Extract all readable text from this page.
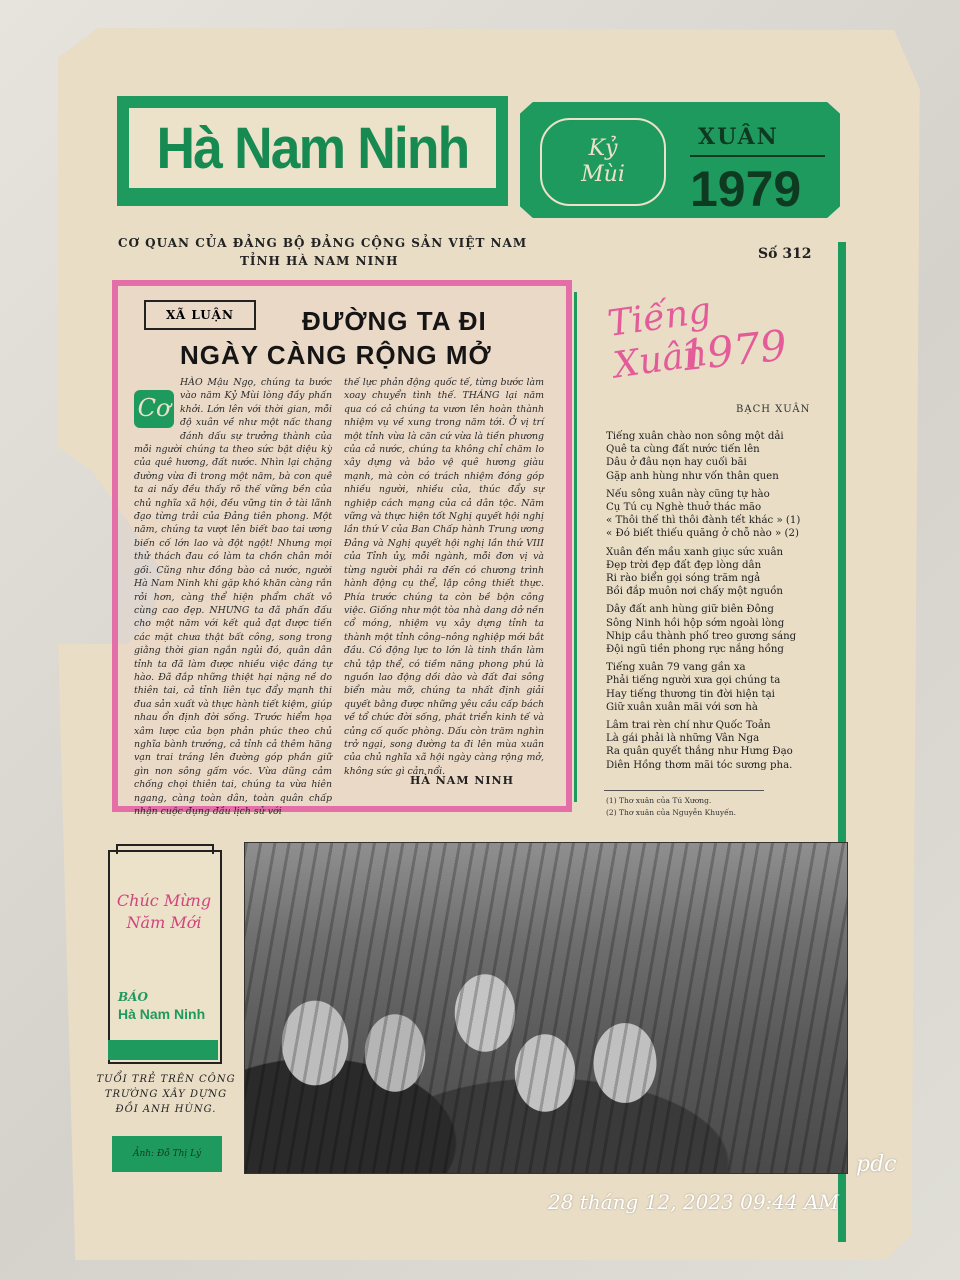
Hà Nam Ninh	Kỷ
Mùi
XUÂN
1979
CƠ QUAN CỦA ĐẢNG BỘ ĐẢNG CỘNG SẢN VIỆT NAM
TỈNH HÀ NAM NINH	Số 312
XÃ LUẬN	ĐƯỜNG TA ĐI
NGÀY CÀNG RỘNG MỞ
Cơ
HÀO Mậu Ngọ, chúng ta bước vào năm Kỷ Mùi lòng đầy phấn khởi. Lớn lên với thời gian, mỗi độ xuân về như một nấc thang đánh dấu sự trưởng thành của mỗi người chúng ta theo sức bật diệu kỳ của quê hương, đất nước. Nhìn lại chặng đường vừa đi trong một năm, bà con quê ta ai nấy đều thấy rõ thế vững bền của chủ nghĩa xã hội, đều vững tin ở tài lãnh đạo từng trải của Đảng tiên phong. Một năm, chúng ta vượt lên biết bao tai ương biến cố lớn lao và đột ngột! Nhưng mọi thử thách đau có làm ta chồn chân mỏi gối. Cũng như đồng bào cả nước, người Hà Nam Ninh khi gặp khó khăn càng rắn rỏi hơn, càng thể hiện phẩm chất vô cùng cao đẹp. NHƯNG ta đã phấn đấu cho một năm với kết quả đạt được tiến các mặt chưa thật bất công, song trong giằng thời gian ngắn ngủi đó, quân dân tỉnh ta đã làm được nhiều việc đáng tự hào. Đã đắp những thiệt hại nặng nề do thiên tai, cả tỉnh liên tục đẩy mạnh thi đua sản xuất và thực hành tiết kiệm, giúp nhau ổn định đời sống. Trước hiểm họa xâm lược của bọn phản phúc theo chủ nghĩa bành trướng, cả tỉnh cả thêm hăng vạn trai tráng lên đường góp phần giữ gìn non sông gấm vóc. Vừa dũng cảm chống chọi thiên tai, chúng ta vừa hiên ngang, càng toàn dân, toàn quân chấp nhận cuộc đụng đầu lịch sử với
thế lực phản động quốc tế, từng bước làm xoay chuyển tình thế. THÁNG lại năm qua có cả chúng ta vươn lên hoàn thành nhiệm vụ về xung trong năm tới. Ở vị trí một tỉnh vừa là căn cứ vừa là tiền phương của cả nước, chúng ta không chỉ chăm lo xây dựng và bảo vệ quê hương giàu mạnh, mà còn có trách nhiệm đóng góp nhiều người, nhiều của, thúc đẩy sự nghiệp cách mạng của cả dân tộc. Năm vững và thực hiện tốt Nghị quyết hội nghị lần thứ V của Ban Chấp hành Trung ương Đảng và Nghị quyết hội nghị lần thứ VIII của Tỉnh ủy, mỗi ngành, mỗi đơn vị và từng người phải ra đến có chương trình hành động cụ thể, lập công thiết thực. Phía trước chúng ta còn bề bộn công việc. Giống như một tòa nhà dang dở nền cổ móng, nhiệm vụ xây dựng tỉnh ta thành một tỉnh công–nông nghiệp mới bắt đầu. Có động lực to lớn là tinh thần làm chủ tập thể, có tiềm năng phong phú là nguồn lao động dồi dào và đất đai sông biển màu mỡ, chúng ta nhất định giải quyết bằng được những yêu cầu cấp bách về tổ chức đời sống, phát triển kinh tế và củng cố quốc phòng. Dấu còn trăm nghìn trở ngại, song đường ta đi lên mùa xuân của chủ nghĩa xã hội ngày càng rộng mở, không sức gì cản nổi.
HÀ NAM NINH
Tiếng Xuân
1979
BẠCH XUÂN
Tiếng xuân chào non sông một dải
Quê ta cùng đất nước tiến lên
Dâu ở đâu nọn hay cuối bãi
Gặp anh hùng như vốn thân quen
Nếu sông xuân này cũng tự hào
Cụ Tú cụ Nghè thuở thác mão
« Thôi thế thì thôi đành tết khác » (1)
« Đó biết thiếu quăng ở chỗ nào » (2)
Xuân đến mầu xanh giục sức xuân
Đẹp trời đẹp đất đẹp lòng dân
Ri rào biển gọi sóng trăm ngả
Bồi đắp muôn nơi chấy một nguồn
Dây đất anh hùng giữ biên Đông
Sông Ninh hồi hộp sớm ngoài lòng
Nhịp cầu thành phố treo gương sáng
Đội ngũ tiền phong rực nắng hồng
Tiếng xuân 79 vang gần xa
Phải tiếng người xưa gọi chúng ta
Hay tiếng thương tin đời hiện tại
Giữ xuân xuân mãi với sơn hà
Lâm trai rèn chí như Quốc Toản
Là gái phải là những Vân Nga
Ra quân quyết thắng như Hưng Đạo
Diên Hồng thơm mãi tóc sương pha.
(1) Thơ xuân của Tú Xương.
(2) Thơ xuân của Nguyễn Khuyến.
Chúc Mừng
Năm Mới
BÁO
Hà Nam Ninh
TUỔI TRẺ TRÊN CÔNG TRƯỜNG XÂY DỰNG ĐỒI ANH HÙNG.
Ảnh: Đỗ Thị Lý	pdc
28 tháng 12, 2023 09:44 AM
